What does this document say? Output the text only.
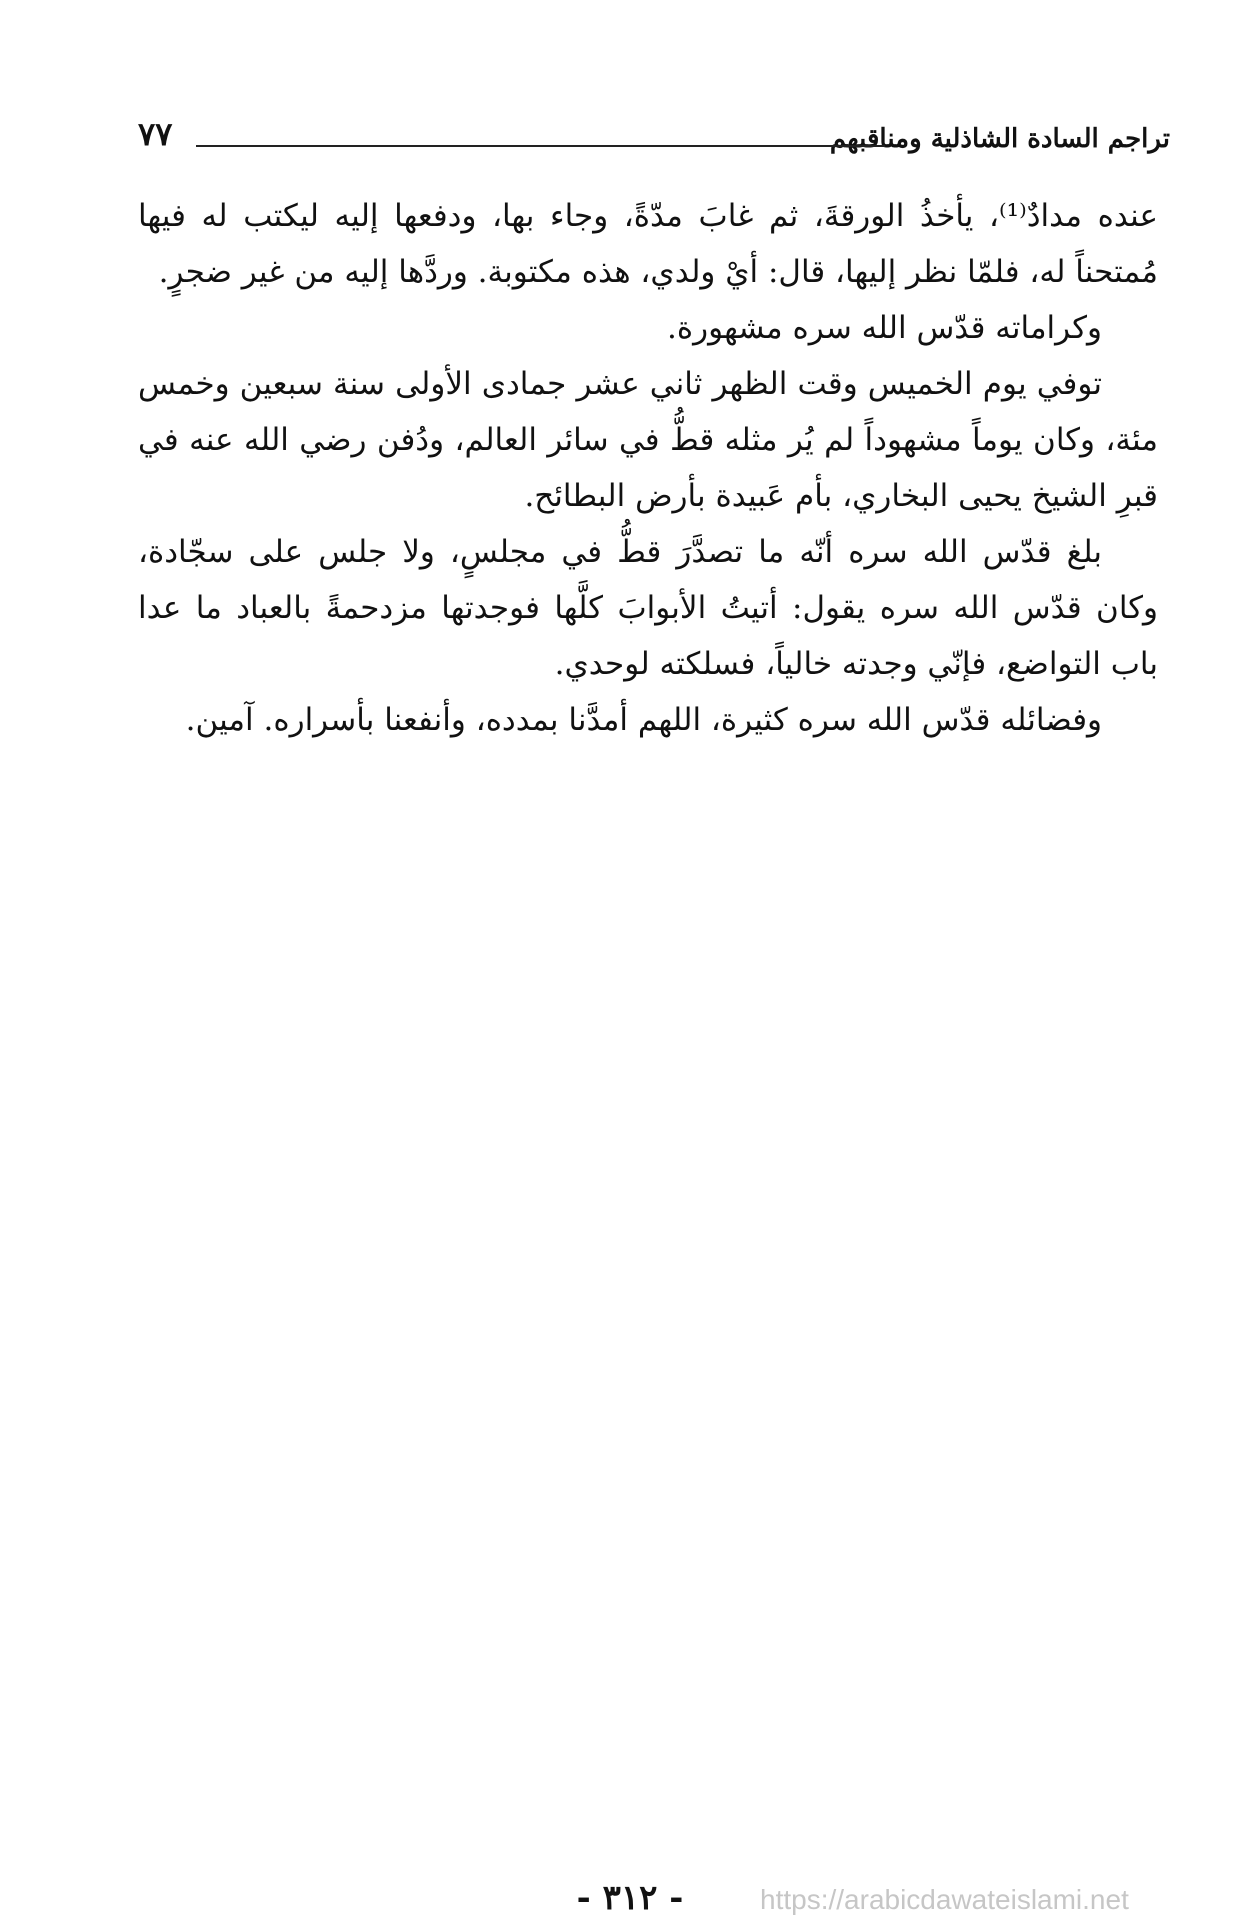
تراجم السادة الشاذلية ومناقبهم
٧٧

عنده مدادٌ⁽¹⁾، يأخذُ الورقةَ، ثم غابَ مدّةً، وجاء بها، ودفعها إليه ليكتب له فيها مُمتحناً له، فلمّا نظر إليها، قال: أيْ ولدي، هذه مكتوبة. وردَّها إليه من غير ضجرٍ.

وكراماته قدّس الله سره مشهورة.

توفي يوم الخميس وقت الظهر ثاني عشر جمادى الأولى سنة سبعين وخمس مئة، وكان يوماً مشهوداً لم يُر مثله قطُّ في سائر العالم، ودُفن رضي الله عنه في قبرِ الشيخ يحيى البخاري، بأم عَبيدة بأرض البطائح.

بلغ قدّس الله سره أنّه ما تصدَّرَ قطُّ في مجلسٍ، ولا جلس على سجّادة، وكان قدّس الله سره يقول: أتيتُ الأبوابَ كلَّها فوجدتها مزدحمةً بالعباد ما عدا باب التواضع، فإنّي وجدته خالياً، فسلكته لوحدي.

وفضائله قدّس الله سره كثيرة، اللهم أمدَّنا بمدده، وأنفعنا بأسراره. آمين.

- ٣١٢ -	https://arabicdawateislami.net
